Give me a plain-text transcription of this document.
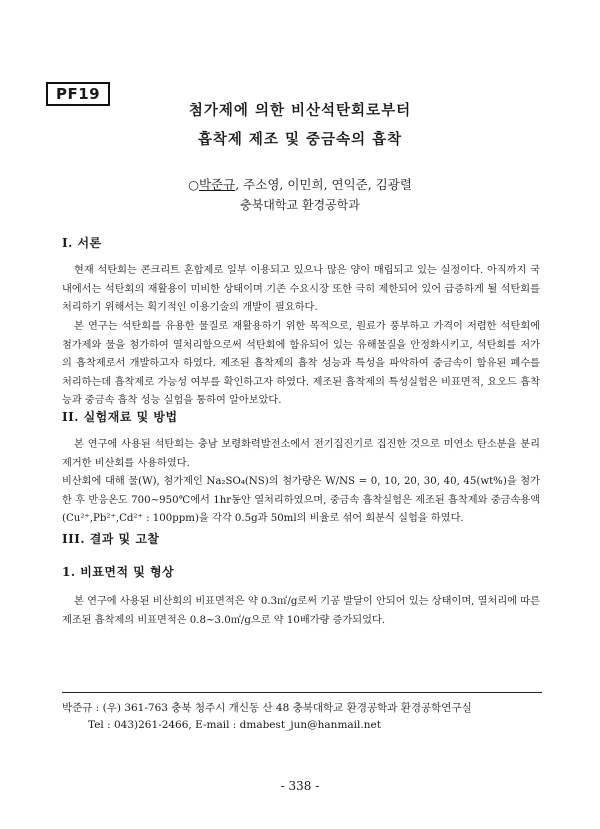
PF19
첨가제에 의한 비산석탄회로부터
흡착제 제조 및 중금속의 흡착
○박준규, 주소영, 이민희, 연익준, 김광렬
충북대학교 환경공학과
I. 서론

현재 석탄회는 콘크리트 혼합제로 일부 이용되고 있으나 많은 양이 매립되고 있는 실정이다. 아직까지 국내에서는 석탄회의 재활용이 미비한 상태이며 기존 수요시장 또한 극히 제한되어 있어 급증하게 될 석탄회를 처리하기 위해서는 획기적인 이용기술의 개발이 필요하다.

본 연구는 석탄회를 유용한 물질로 재활용하기 위한 목적으로, 원료가 풍부하고 가격이 저렴한 석탄회에 첨가제와 물을 첨가하여 열처리함으로써 석탄회에 함유되어 있는 유해물질을 안정화시키고, 석탄회를 저가의 흡착제로서 개발하고자 하였다. 제조된 흡착제의 흡착 성능과 특성을 파악하여 중금속이 함유된 폐수를 처리하는데 흡착제로 가능성 여부를 확인하고자 하였다. 제조된 흡착제의 특성실험은 비표면적, 요오드 흡착능과 중금속 흡착 성능 실험을 통하여 알아보았다.

II. 실험재료 및 방법

본 연구에 사용된 석탄회는 충남 보령화력발전소에서 전기집진기로 집진한 것으로 미연소 탄소분을 분리 제거한 비산회를 사용하였다.

비산회에 대해 물(W), 첨가제인 Na₂SO₄(NS)의 첨가량은 W/NS = 0, 10, 20, 30, 40, 45(wt%)을 첨가한 후 반응온도 700~950℃에서 1hr동안 열처리하였으며, 중금속 흡착실험은 제조된 흡착제와 중금속용액(Cu²⁺,Pb²⁺,Cd²⁺ : 100ppm)을 각각 0.5g과 50ml의 비율로 섞어 회분식 실험을 하였다.

III. 결과 및 고찰
1. 비표면적 및 형상

본 연구에 사용된 비산회의 비표면적은 약 0.3㎡/g로써 기공 발달이 안되어 있는 상태이며, 열처리에 따른 제조된 흡착제의 비표면적은 0.8~3.0㎡/g으로 약 10배가량 증가되었다.

박준규 : (우) 361-763 충북 청주시 개신동 산 48 충북대학교 환경공학과 환경공학연구실
Tel : 043)261-2466, E-mail : dmabest_jun@hanmail.net
- 338 -
